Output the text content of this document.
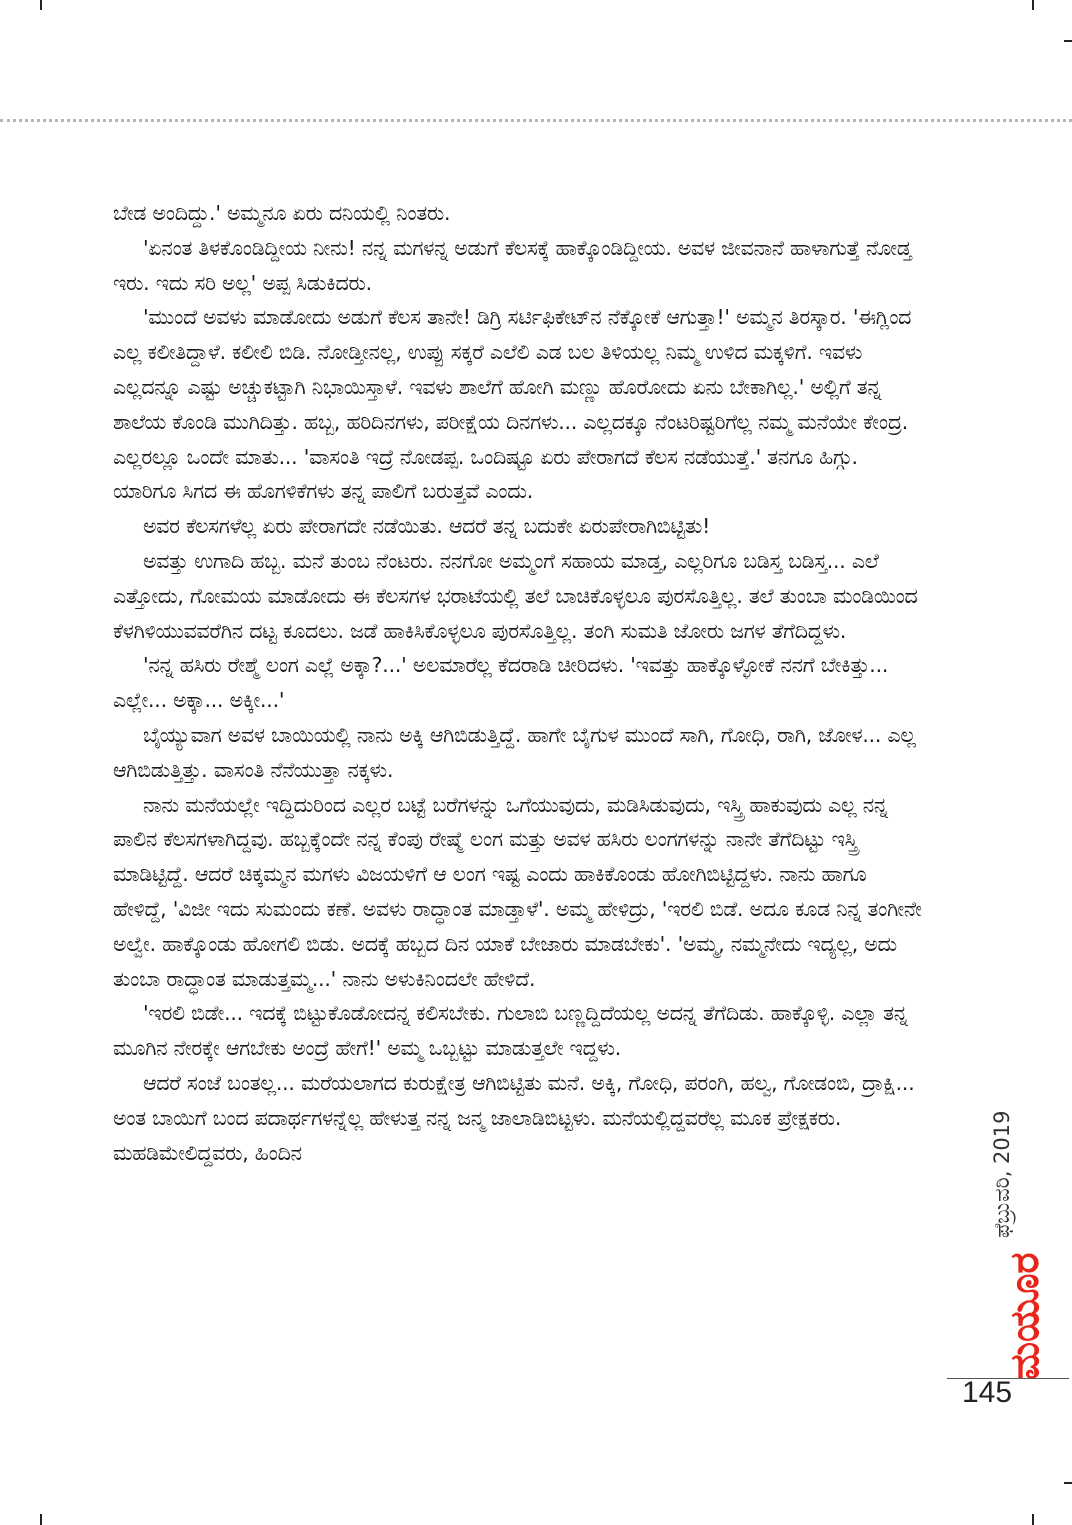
ಬೇಡ ಅಂದಿದ್ದು.' ಅಮ್ಮನೂ ಏರು ದನಿಯಲ್ಲಿ ನಿಂತರು.

'ಏನಂತ ತಿಳಕೊಂಡಿದ್ದೀಯ ನೀನು! ನನ್ನ ಮಗಳನ್ನ ಅಡುಗೆ ಕೆಲಸಕ್ಕೆ ಹಾಕ್ಕೊಂಡಿದ್ದೀಯ. ಅವಳ ಜೀವನಾನೆ ಹಾಳಾಗುತ್ತೆ ನೋಡ್ತ ಇರು. ಇದು ಸರಿ ಅಲ್ಲ' ಅಪ್ಪ ಸಿಡುಕಿದರು.

'ಮುಂದೆ ಅವಳು ಮಾಡೋದು ಅಡುಗೆ ಕೆಲಸ ತಾನೇ! ಡಿಗ್ರಿ ಸರ್ಟಿಫಿಕೇಟ್‌ನ ನೆಕ್ಕೋಕೆ ಆಗುತ್ತಾ!' ಅಮ್ಮನ ತಿರಸ್ಕಾರ. 'ಈಗ್ಲಿಂದ ಎಲ್ಲ ಕಲೀತಿದ್ದಾಳೆ. ಕಲೀಲಿ ಬಿಡಿ. ನೋಡ್ತೀನಲ್ಲ, ಉಪ್ಪು ಸಕ್ಕರೆ ಎಲೆಲಿ ಎಡ ಬಲ ತಿಳಿಯಲ್ಲ ನಿಮ್ಮ ಉಳಿದ ಮಕ್ಕಳಿಗೆ. ಇವಳು ಎಲ್ಲದನ್ನೂ ಎಷ್ಟು ಅಚ್ಚುಕಟ್ಟಾಗಿ ನಿಭಾಯಿಸ್ತಾಳೆ. ಇವಳು ಶಾಲೆಗೆ ಹೋಗಿ ಮಣ್ಣು ಹೊರೋದು ಏನು ಬೇಕಾಗಿಲ್ಲ.' ಅಲ್ಲಿಗೆ ತನ್ನ ಶಾಲೆಯ ಕೊಂಡಿ ಮುಗಿದಿತ್ತು. ಹಬ್ಬ, ಹರಿದಿನಗಳು, ಪರೀಕ್ಷೆಯ ದಿನಗಳು... ಎಲ್ಲದಕ್ಕೂ ನೆಂಟರಿಷ್ಟರಿಗೆಲ್ಲ ನಮ್ಮ ಮನೆಯೇ ಕೇಂದ್ರ. ಎಲ್ಲರಲ್ಲೂ ಒಂದೇ ಮಾತು... 'ವಾಸಂತಿ ಇದ್ರೆ ನೋಡಪ್ಪ. ಒಂದಿಷ್ಟೂ ಏರು ಪೇರಾಗದೆ ಕೆಲಸ ನಡೆಯುತ್ತೆ.' ತನಗೂ ಹಿಗ್ಗು. ಯಾರಿಗೂ ಸಿಗದ ಈ ಹೊಗಳಿಕೆಗಳು ತನ್ನ ಪಾಲಿಗೆ ಬರುತ್ತವೆ ಎಂದು.

ಅವರ ಕೆಲಸಗಳೆಲ್ಲ ಏರು ಪೇರಾಗದೇ ನಡೆಯಿತು. ಆದರೆ ತನ್ನ ಬದುಕೇ ಏರುಪೇರಾಗಿಬಿಟ್ಟಿತು!

ಅವತ್ತು ಉಗಾದಿ ಹಬ್ಬ. ಮನೆ ತುಂಬ ನೆಂಟರು. ನನಗೋ ಅಮ್ಮಂಗೆ ಸಹಾಯ ಮಾಡ್ತ, ಎಲ್ಲರಿಗೂ ಬಡಿಸ್ತ ಬಡಿಸ್ತ... ಎಲೆ ಎತ್ತೋದು, ಗೋಮಯ ಮಾಡೋದು ಈ ಕೆಲಸಗಳ ಭರಾಟೆಯಲ್ಲಿ ತಲೆ ಬಾಚಿಕೊಳ್ಳಲೂ ಪುರಸೊತ್ತಿಲ್ಲ. ತಲೆ ತುಂಬಾ ಮಂಡಿಯಿಂದ ಕೆಳಗಿಳಿಯುವವರೆಗಿನ ದಟ್ಟ ಕೂದಲು. ಜಡೆ ಹಾಕಿಸಿಕೊಳ್ಳಲೂ ಪುರಸೊತ್ತಿಲ್ಲ. ತಂಗಿ ಸುಮತಿ ಜೋರು ಜಗಳ ತೆಗೆದಿದ್ದಳು.

'ನನ್ನ ಹಸಿರು ರೇಶ್ಮೆ ಲಂಗ ಎಲ್ಲೆ ಅಕ್ಕಾ?...' ಅಲಮಾರೆಲ್ಲ ಕೆದರಾಡಿ ಚೀರಿದಳು. 'ಇವತ್ತು ಹಾಕ್ಕೊಳ್ಳೋಕೆ ನನಗೆ ಬೇಕಿತ್ತು... ಎಲ್ಲೇ... ಅಕ್ಕಾ... ಅಕ್ಕೀ...'

ಬೈಯ್ಯುವಾಗ ಅವಳ ಬಾಯಿಯಲ್ಲಿ ನಾನು ಅಕ್ಕಿ ಆಗಿಬಿಡುತ್ತಿದ್ದೆ. ಹಾಗೇ ಬೈಗುಳ ಮುಂದೆ ಸಾಗಿ, ಗೋಧಿ, ರಾಗಿ, ಜೋಳ... ಎಲ್ಲ ಆಗಿಬಿಡುತ್ತಿತ್ತು. ವಾಸಂತಿ ನೆನೆಯುತ್ತಾ ನಕ್ಕಳು.

ನಾನು ಮನೆಯಲ್ಲೇ ಇದ್ದಿದುರಿಂದ ಎಲ್ಲರ ಬಟ್ಟೆ ಬರೆಗಳನ್ನು ಒಗೆಯುವುದು, ಮಡಿಸಿಡುವುದು, ಇಸ್ತ್ರಿ ಹಾಕುವುದು ಎಲ್ಲ ನನ್ನ ಪಾಲಿನ ಕೆಲಸಗಳಾಗಿದ್ದವು. ಹಬ್ಬಕ್ಕೆಂದೇ ನನ್ನ ಕೆಂಪು ರೇಷ್ಮೆ ಲಂಗ ಮತ್ತು ಅವಳ ಹಸಿರು ಲಂಗಗಳನ್ನು ನಾನೇ ತೆಗೆದಿಟ್ಟು ಇಸ್ತ್ರಿ ಮಾಡಿಟ್ಟಿದ್ದೆ. ಆದರೆ ಚಿಕ್ಕಮ್ಮನ ಮಗಳು ವಿಜಯಳಿಗೆ ಆ ಲಂಗ ಇಷ್ಟ ಎಂದು ಹಾಕಿಕೊಂಡು ಹೋಗಿಬಿಟ್ಟಿದ್ದಳು. ನಾನು ಹಾಗೂ ಹೇಳಿದ್ದೆ, 'ವಿಜೀ ಇದು ಸುಮಂದು ಕಣೆ. ಅವಳು ರಾದ್ಧಾಂತ ಮಾಡ್ತಾಳೆ'. ಅಮ್ಮ ಹೇಳಿದ್ರು, 'ಇರಲಿ ಬಿಡೆ. ಅದೂ ಕೂಡ ನಿನ್ನ ತಂಗೀನೇ ಅಲ್ವೇ. ಹಾಕ್ಕೊಂಡು ಹೋಗಲಿ ಬಿಡು. ಅದಕ್ಕೆ ಹಬ್ಬದ ದಿನ ಯಾಕೆ ಬೇಜಾರು ಮಾಡಬೇಕು'. 'ಅಮ್ಮ, ನಮ್ಮನೇದು ಇದ್ಯಲ್ಲ, ಅದು ತುಂಬಾ ರಾದ್ಧಾಂತ ಮಾಡುತ್ತಮ್ಮ...' ನಾನು ಅಳುಕಿನಿಂದಲೇ ಹೇಳಿದೆ.

'ಇರಲಿ ಬಿಡೇ... ಇದಕ್ಕೆ ಬಿಟ್ಟುಕೊಡೋದನ್ನ ಕಲಿಸಬೇಕು. ಗುಲಾಬಿ ಬಣ್ಣದ್ದಿದೆಯಲ್ಲ ಅದನ್ನ ತೆಗೆದಿಡು. ಹಾಕ್ಕೊಳ್ಳಿ. ಎಲ್ಲಾ ತನ್ನ ಮೂಗಿನ ನೇರಕ್ಕೇ ಆಗಬೇಕು ಅಂದ್ರೆ ಹೇಗೆ!' ಅಮ್ಮ ಒಬ್ಬಟ್ಟು ಮಾಡುತ್ತಲೇ ಇದ್ದಳು.

ಆದರೆ ಸಂಜೆ ಬಂತಲ್ಲ... ಮರೆಯಲಾಗದ ಕುರುಕ್ಷೇತ್ರ ಆಗಿಬಿಟ್ಟಿತು ಮನೆ. ಅಕ್ಕಿ, ಗೋಧಿ, ಪರಂಗಿ, ಹಲ್ವ, ಗೋಡಂಬಿ, ದ್ರಾಕ್ಷಿ... ಅಂತ ಬಾಯಿಗೆ ಬಂದ ಪದಾರ್ಥಗಳನ್ನೆಲ್ಲ ಹೇಳುತ್ತ ನನ್ನ ಜನ್ಮ ಜಾಲಾಡಿಬಿಟ್ಟಳು. ಮನೆಯಲ್ಲಿದ್ದವರೆಲ್ಲ ಮೂಕ ಪ್ರೇಕ್ಷಕರು. ಮಹಡಿಮೇಲಿದ್ದವರು, ಹಿಂದಿನ	ಫೆಬ್ರುವರಿ, 2019
ಮಯೂರ
145
